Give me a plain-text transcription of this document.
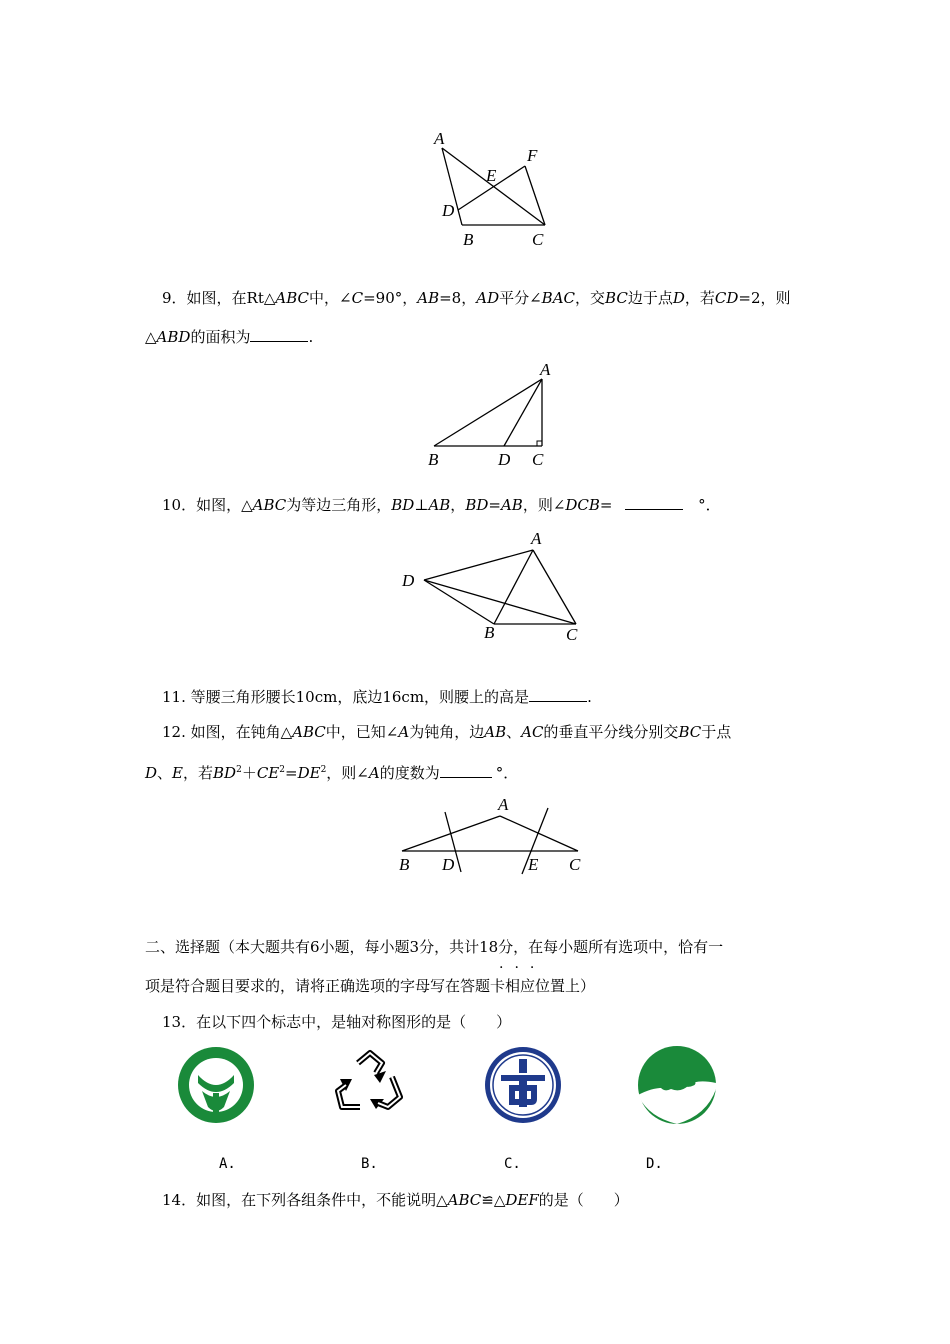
A
F
E
D
B	C
9．如图，在Rt△ABC中，∠C=90°，AB=8，AD平分∠BAC，交BC边于点D，若CD=2，则
△ABD的面积为	.
A
B	D C
10．如图，△ABC为等边三角形，BD⊥AB，BD=AB，则∠DCB=	°．
A
D
B	C
11. 等腰三角形腰长10cm，底边16cm，则腰上的高是	.
12. 如图，在钝角△ABC中，已知∠A为钝角，边AB、AC的垂直平分线分别交BC于点
D、E，若$BD^2+CE^2=DE^2$，则∠A的度数为	°．
A
B D	E C
二、选择题（本大题共有6小题，每小题3分，共计18分，在每小题所有选项中，恰有一
...
项是符合题目要求的，请将正确选项的字母写在答题卡相应位置上）
13．在以下四个标志中，是轴对称图形的是（　　）
A.	B.	C.	D.
14．如图，在下列各组条件中，不能说明△ABC≌△DEF的是（　　）
